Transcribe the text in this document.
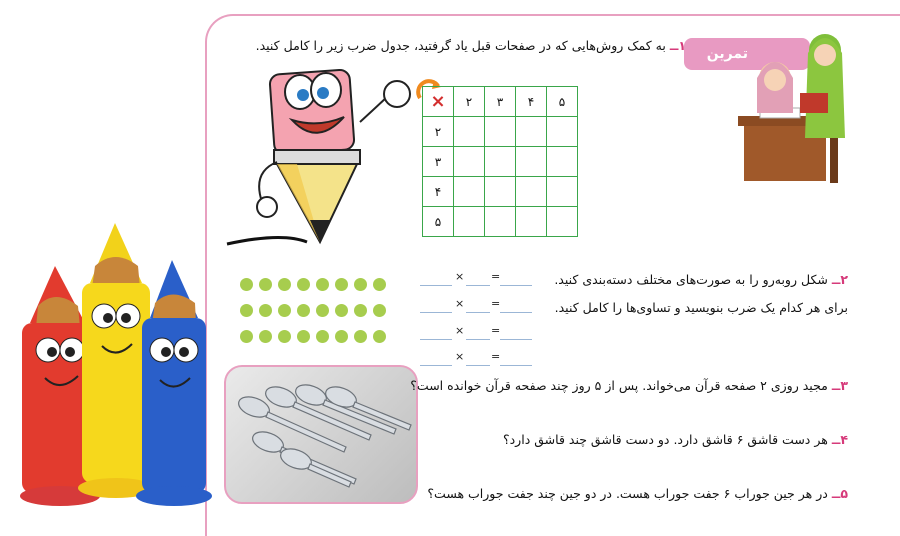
تمرین
۱ــ به کمک روش‌هایی که در صفحات قبل یاد گرفتید، جدول ضرب زیر را کامل کنید.
×	۲	۳	۴	۵
۲				
۳				
۴				
۵				
۲ــ شکل روبه‌رو را به صورت‌های مختلف دسته‌بندی کنید.
برای هر کدام یک ضرب بنویسید و تساوی‌ها را کامل کنید.
× =
× =
× =
× =
۳ــ مجید روزی ۲ صفحه قرآن می‌خواند. پس از ۵ روز چند صفحه قرآن خوانده است؟
۴ــ هر دست قاشق ۶ قاشق دارد. دو دست قاشق چند قاشق دارد؟
۵ــ در هر جین جوراب ۶ جفت جوراب هست. در دو جین چند جفت جوراب هست؟
